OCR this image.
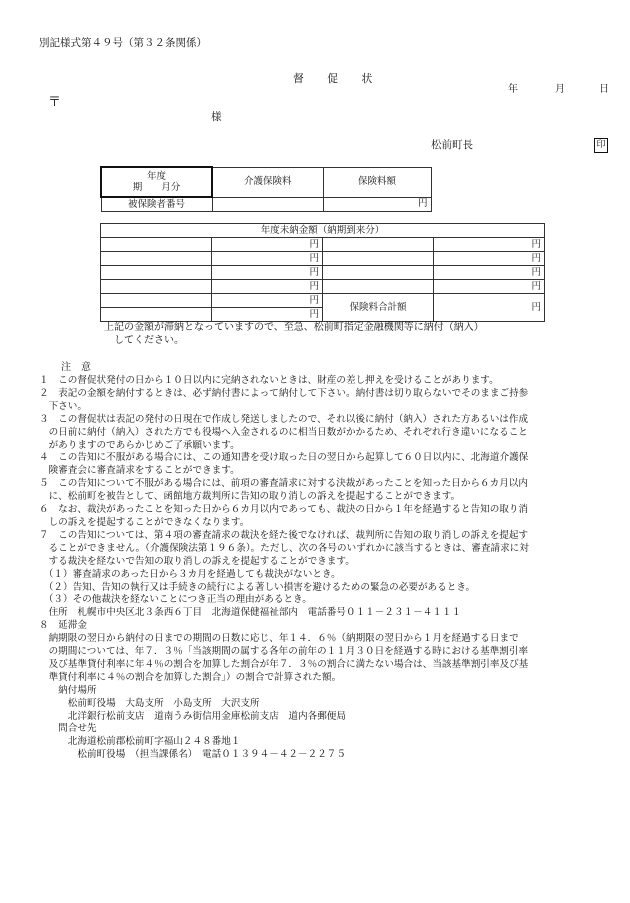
別記様式第４９号（第３２条関係）
督 促 状
年	月	日
〒
様
松前町長	印
年度
期　　月分	介護保険料	保険料額
被保険者番号		円
年度未納金額（納期到来分）			
	円		円
	円		円
	円		円
	円		円
	円	保険料合計額	円
	円		
上記の金額が滞納となっていますので、至急、松前町指定金融機関等に納付（納入）
してください。
注　意
１　この督促状発付の日から１０日以内に完納されないときは、財産の差し押えを受けることがあります。
２　表記の金額を納付するときは、必ず納付書によって納付して下さい。納付書は切り取らないでそのままご持参
　下さい。
３　この督促状は表記の発付の日現在で作成し発送しましたので、それ以後に納付（納入）された方あるいは作成
　の日前に納付（納入）された方でも役場へ入金されるのに相当日数がかかるため、それぞれ行き違いになること
　がありますのであらかじめご了承願います。
４　この告知に不服がある場合には、この通知書を受け取った日の翌日から起算して６０日以内に、北海道介護保
　険審査会に審査請求をすることができます。
５　この告知について不服がある場合には、前項の審査請求に対する決裁があったことを知った日から６カ月以内
　に、松前町を被告として、函館地方裁判所に告知の取り消しの訴えを提起することができます。
６　なお、裁決があったことを知った日から６カ月以内であっても、裁決の日から１年を経過すると告知の取り消
　しの訴えを提起することができなくなります。
７　この告知については、第４項の審査請求の裁決を経た後でなければ、裁判所に告知の取り消しの訴えを提起す
　ることができません。（介護保険法第１９６条）。ただし、次の各号のいずれかに該当するときは、審査請求に対
　する裁決を経ないで告知の取り消しの訴えを提起することができます。
　（１）審査請求のあった日から３カ月を経過しても裁決がないとき。
　（２）告知、告知の執行又は手続きの続行による著しい損害を避けるための緊急の必要があるとき。
　（３）その他裁決を経ないことにつき正当の理由があるとき。
　住所　札幌市中央区北３条西６丁目　北海道保健福祉部内　電話番号０１１－２３１－４１１１
８　延滞金
　納期限の翌日から納付の日までの期間の日数に応じ、年１４．６％（納期限の翌日から１月を経過する日まで
　の期間については、年７．３％「当該期間の属する各年の前年の１１月３０日を経過する時における基準割引率
　及び基準貸付利率に年４％の割合を加算した割合が年７．３％の割合に満たない場合は、当該基準割引率及び基
　準貸付利率に４％の割合を加算した割合」）の割合で計算された額。
　　納付場所
　　　松前町役場　大島支所　小島支所　大沢支所
　　　北洋銀行松前支店　道南うみ街信用金庫松前支店　道内各郵便局
　　問合せ先
　　　北海道松前郡松前町字福山２４８番地１
　　　　松前町役場　（担当課係名）　電話０１３９４－４２－２２７５
